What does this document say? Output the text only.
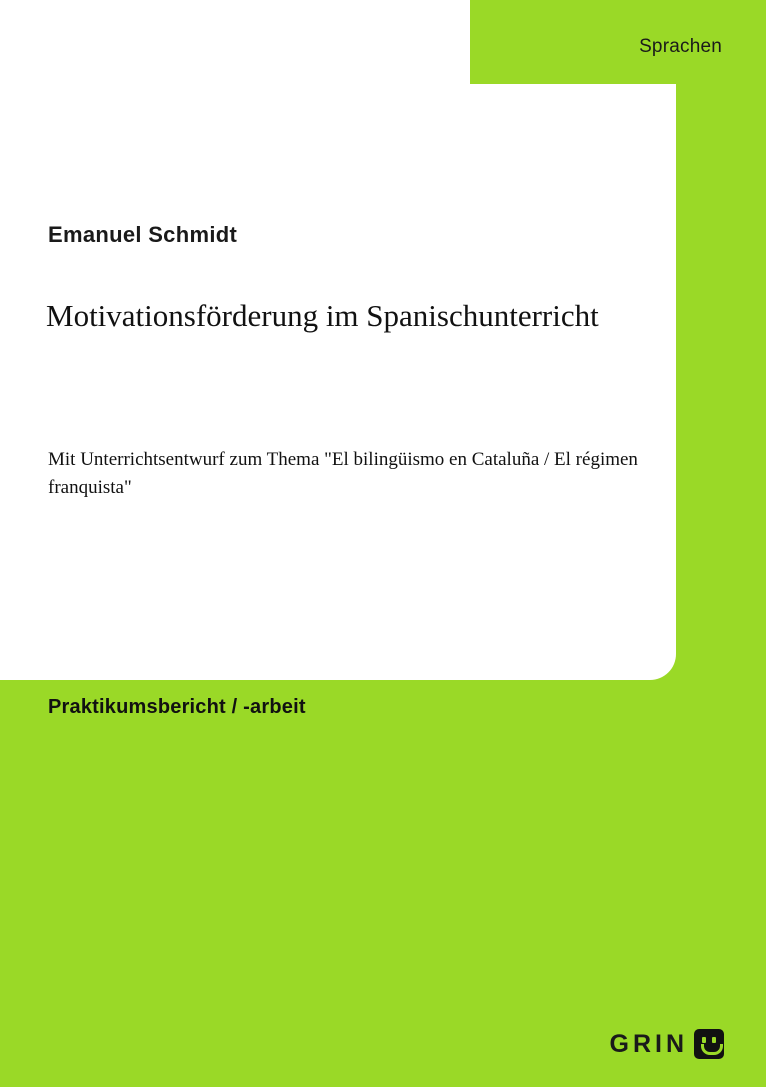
Sprachen
Emanuel Schmidt
Motivationsförderung im Spanischunterricht
Mit Unterrichtsentwurf zum Thema "El bilingüismo en Cataluña / El régimen franquista"
Praktikumsbericht / -arbeit
GRIN
